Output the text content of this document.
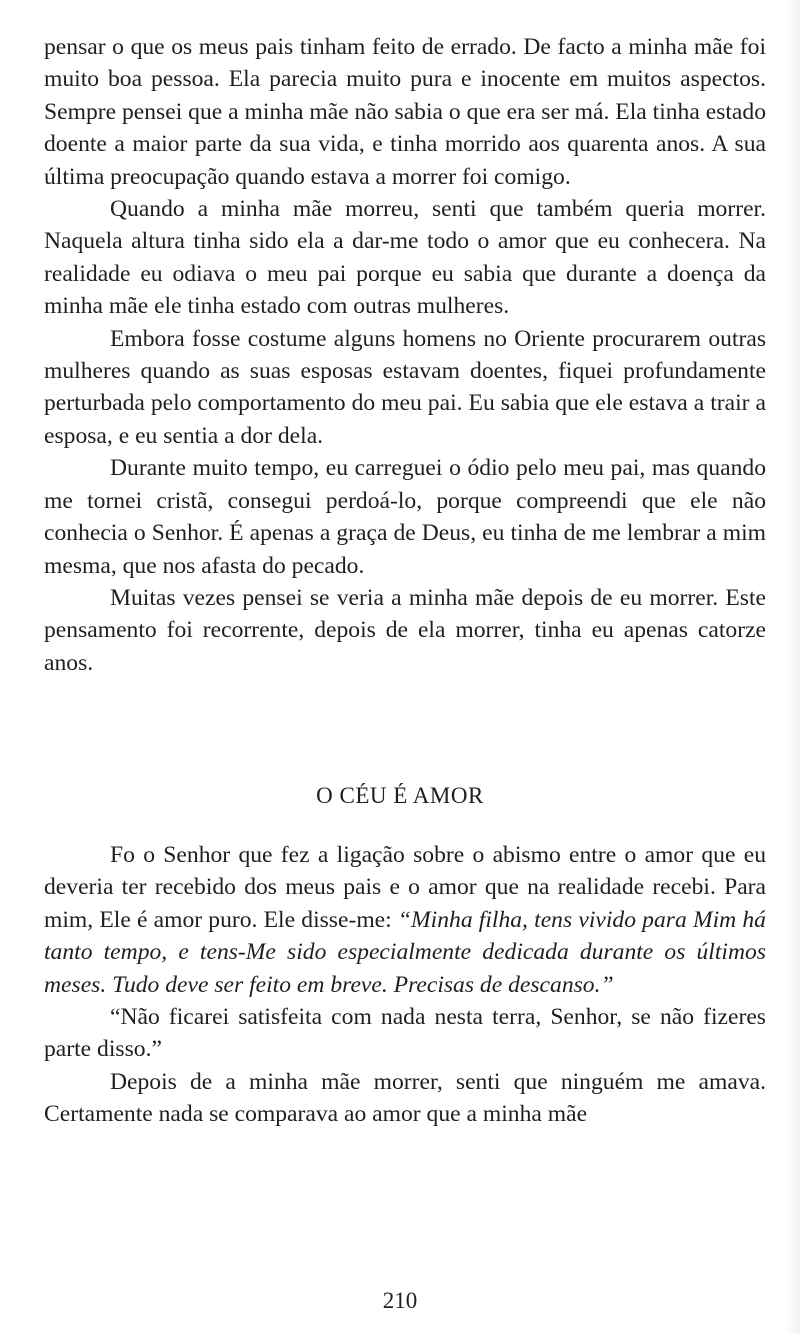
pensar o que os meus pais tinham feito de errado. De facto a minha mãe foi muito boa pessoa. Ela parecia muito pura e inocente em muitos aspectos. Sempre pensei que a minha mãe não sabia o que era ser má. Ela tinha estado doente a maior parte da sua vida, e tinha morrido aos quarenta anos. A sua última preocupação quando estava a morrer foi comigo.

Quando a minha mãe morreu, senti que também queria morrer. Naquela altura tinha sido ela a dar-me todo o amor que eu conhecera. Na realidade eu odiava o meu pai porque eu sabia que durante a doença da minha mãe ele tinha estado com outras mulheres.

Embora fosse costume alguns homens no Oriente procurarem outras mulheres quando as suas esposas estavam doentes, fiquei profundamente perturbada pelo comportamento do meu pai. Eu sabia que ele estava a trair a esposa, e eu sentia a dor dela.

Durante muito tempo, eu carreguei o ódio pelo meu pai, mas quando me tornei cristã, consegui perdoá-lo, porque compreendi que ele não conhecia o Senhor. É apenas a graça de Deus, eu tinha de me lembrar a mim mesma, que nos afasta do pecado.

Muitas vezes pensei se veria a minha mãe depois de eu morrer. Este pensamento foi recorrente, depois de ela morrer, tinha eu apenas catorze anos.

O CÉU É AMOR

Fo o Senhor que fez a ligação sobre o abismo entre o amor que eu deveria ter recebido dos meus pais e o amor que na realidade recebi. Para mim, Ele é amor puro. Ele disse-me: “Minha filha, tens vivido para Mim há tanto tempo, e tens-Me sido especialmente dedicada durante os últimos meses. Tudo deve ser feito em breve. Precisas de descanso.”

“Não ficarei satisfeita com nada nesta terra, Senhor, se não fizeres parte disso.”

Depois de a minha mãe morrer, senti que ninguém me amava. Certamente nada se comparava ao amor que a minha mãe

210
